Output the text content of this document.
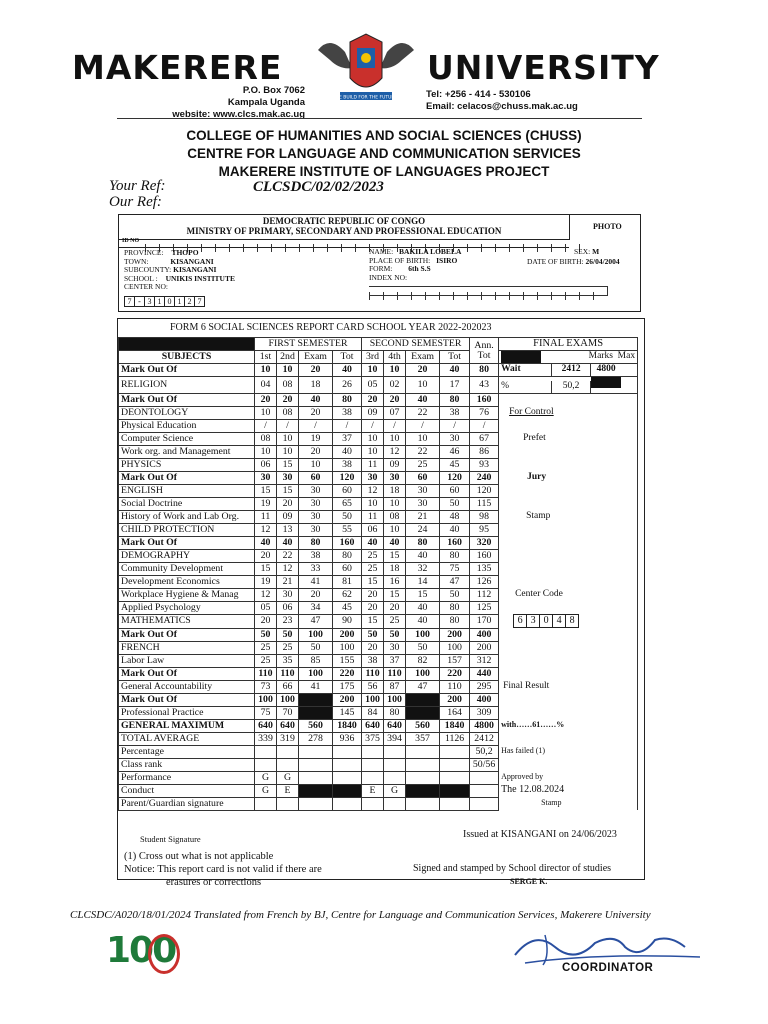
MAKERERE	UNIVERSITY
WE BUILD FOR THE FUTURE
P.O. Box 7062
Kampala Uganda
website: www.clcs.mak.ac.ug
Tel: +256 - 414 - 530106
Email: celacos@chuss.mak.ac.ug
COLLEGE OF HUMANITIES AND SOCIAL SCIENCES (CHUSS)
CENTRE FOR LANGUAGE AND COMMUNICATION SERVICES
MAKERERE INSTITUTE OF LANGUAGES PROJECT
Your Ref:	CLCSDC/02/02/2023
Our Ref:
DEMOCRATIC REPUBLIC OF CONGO
MINISTRY OF PRIMARY, SECONDARY AND PROFESSIONAL EDUCATION	PHOTO
ID NO
PROVINCE: THOPO
TOWN:	KISANGANI
SUBCOUNTY: KISANGANI
SCHOOL : UNIKIS INSTITUTE
CENTER NO:
7 - 3 1 0 1 2 7
NAME: BAKILA LOBELA
PLACE OF BIRTH: ISIRO
FORM: 6th S.S
INDEX NO:
SEX: M
DATE OF BIRTH: 26/04/2004
FORM 6 SOCIAL SCIENCES REPORT CARD SCHOOL YEAR 2022-202023
	FIRST SEMESTER				SECOND SEMESTER				Ann. Tot	FINAL EXAMS
SUBJECTS	1st	2nd	Exam	Tot	3rd	4th	Exam	Tot		Marks Max
Mark Out Of	10	10	20	40	10	10	20	40	80	Wait 2412 4800
RELIGION	04	08	18	26	05	02	10	17	43	% 50,2
Mark Out Of	20	20	40	80	20	20	40	80	160	
DEONTOLOGY	10	08	20	38	09	07	22	38	76	For Control
Physical Education	/	/	/	/	/	/	/	/	/	
Computer Science	08	10	19	37	10	10	10	30	67	Prefet
Work org. and Management	10	10	20	40	10	12	22	46	86	
PHYSICS	06	15	10	38	11	09	25	45	93	
Mark Out Of	30	30	60	120	30	30	60	120	240	Jury
ENGLISH	15	15	30	60	12	18	30	60	120	
Social Doctrine	19	20	30	65	10	10	30	50	115	
History of Work and Lab Org.	11	09	30	50	11	08	21	48	98	Stamp
CHILD PROTECTION	12	13	30	55	06	10	24	40	95	
Mark Out Of	40	40	80	160	40	40	80	160	320	
DEMOGRAPHY	20	22	38	80	25	15	40	80	160	
Community Development	15	12	33	60	25	18	32	75	135	
Development Economics	19	21	41	81	15	16	14	47	126	
Workplace Hygiene & Manag	12	30	20	62	20	15	15	50	112	Center Code
Applied Psychology	05	06	34	45	20	20	40	80	125	
MATHEMATICS	20	23	47	90	15	25	40	80	170	6 3 0 4 8
Mark Out Of	50	50	100	200	50	50	100	200	400	
FRENCH	25	25	50	100	20	30	50	100	200	
Labor Law	25	35	85	155	38	37	82	157	312	
Mark Out Of	110	110	100	220	110	110	100	220	440	
General Accountability	73	66	41	175	56	87	47	110	295	Final Result
Mark Out Of	100	100		200	100	100		200	400	
Professional Practice	75	70		145	84	80		164	309	
GENERAL MAXIMUM	640	640	560	1840	640	640	560	1840	4800	with……61……%
TOTAL AVERAGE	339	319	278	936	375	394	357	1126	2412	
Percentage									50,2	Has failed (1)
Class rank									50/56	
Performance	G	G								Approved by
Conduct	G	E			E	G				The 12.08.2024
Parent/Guardian signature										Stamp
Student Signature	Issued at KISANGANI on 24/06/2023
(1) Cross out what is not applicable
Notice: This report card is not valid if there are
erasures or corrections
Signed and stamped by School director of studies
SERGE K.
CLCSDC/A020/18/01/2024 Translated from French by BJ, Centre for Language and Communication Services, Makerere University
100	COORDINATOR
